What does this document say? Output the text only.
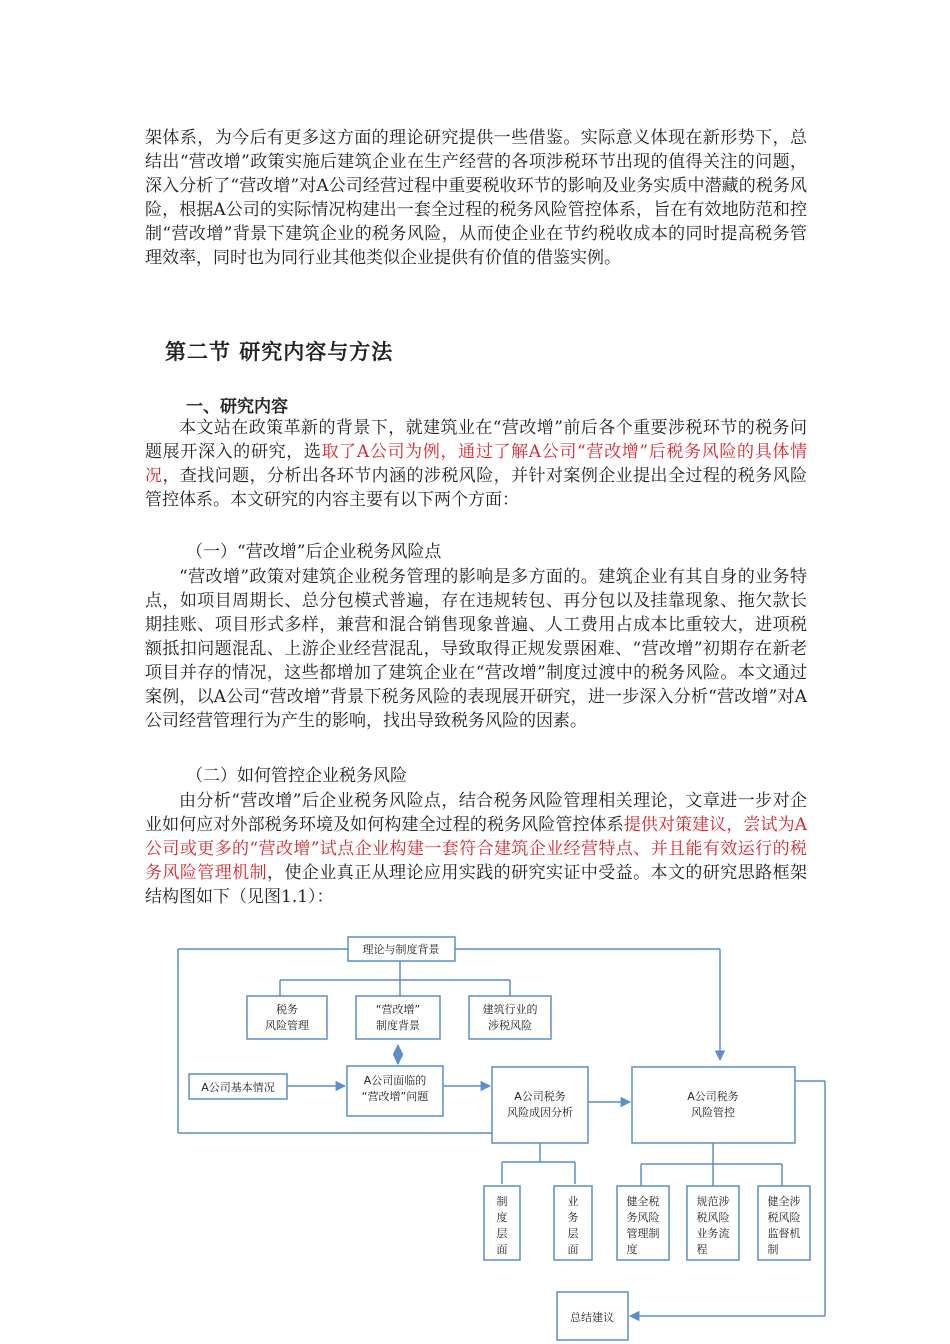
架体系，为今后有更多这方面的理论研究提供一些借鉴。实际意义体现在新形势下，总结出“营改增”政策实施后建筑企业在生产经营的各项涉税环节出现的值得关注的问题，深入分析了“营改增”对A公司经营过程中重要税收环节的影响及业务实质中潜藏的税务风险，根据A公司的实际情况构建出一套全过程的税务风险管控体系，旨在有效地防范和控制“营改增”背景下建筑企业的税务风险，从而使企业在节约税收成本的同时提高税务管理效率，同时也为同行业其他类似企业提供有价值的借鉴实例。

第二节 研究内容与方法
一、研究内容

本文站在政策革新的背景下，就建筑业在“营改增”前后各个重要涉税环节的税务问题展开深入的研究，选取了A公司为例，通过了解A公司“营改增”后税务风险的具体情况，查找问题，分析出各环节内涵的涉税风险，并针对案例企业提出全过程的税务风险管控体系。本文研究的内容主要有以下两个方面：

（一）“营改增”后企业税务风险点

“营改增”政策对建筑企业税务管理的影响是多方面的。建筑企业有其自身的业务特点，如项目周期长、总分包模式普遍，存在违规转包、再分包以及挂靠现象、拖欠款长期挂账、项目形式多样，兼营和混合销售现象普遍、人工费用占成本比重较大，进项税额抵扣问题混乱、上游企业经营混乱，导致取得正规发票困难、“营改增”初期存在新老项目并存的情况，这些都增加了建筑企业在“营改增”制度过渡中的税务风险。本文通过案例，以A公司“营改增”背景下税务风险的表现展开研究，进一步深入分析“营改增”对A公司经营管理行为产生的影响，找出导致税务风险的因素。

（二）如何管控企业税务风险

由分析“营改增”后企业税务风险点，结合税务风险管理相关理论，文章进一步对企业如何应对外部税务环境及如何构建全过程的税务风险管控体系提供对策建议，尝试为A公司或更多的“营改增”试点企业构建一套符合建筑企业经营特点、并且能有效运行的税务风险管理机制，使企业真正从理论应用实践的研究实证中受益。本文的研究思路框架结构图如下（见图1.1）：

理论与制度背景
税务
风险管理
“营改增”
制度背景
建筑行业的
涉税风险
A公司基本情况
A公司面临的
“营改增”问题	A公司税务
风险成因分析
A公司税务
风险管控
制
度
层
面
业
务
层
面
健全税
务风险
管理制
度
规范涉
税风险
业务流
程
健全涉
税风险
监督机
制
总结建议
